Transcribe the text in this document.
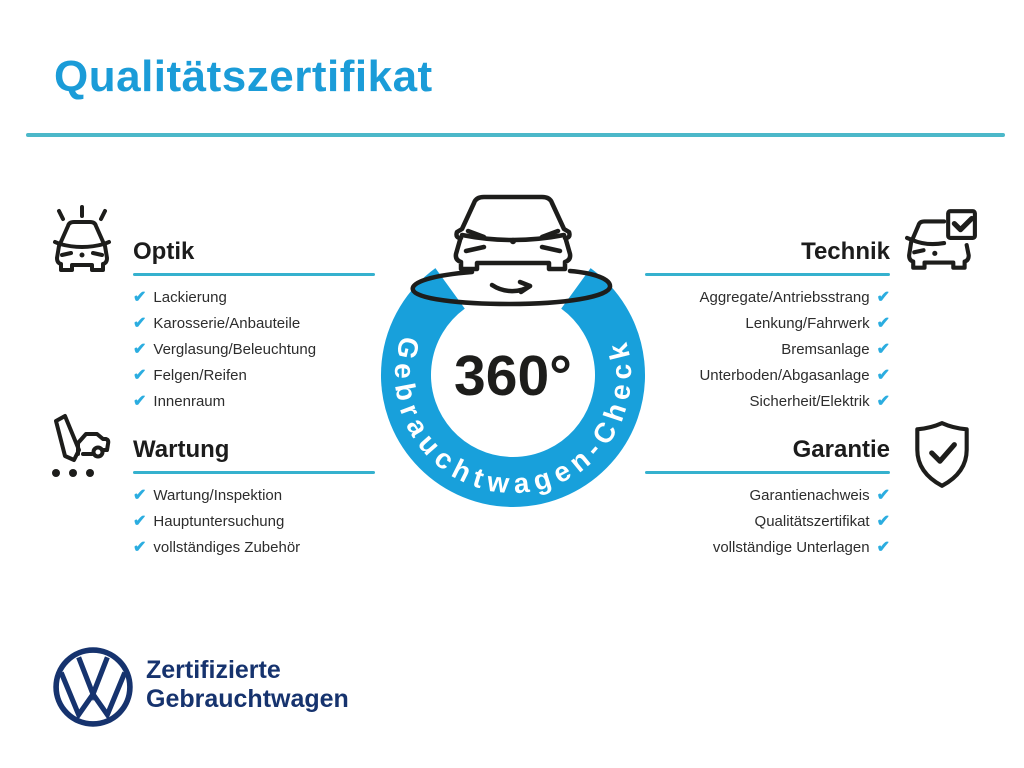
Qualitätszertifikat
Optik
✔ Lackierung
✔ Karosserie/Anbauteile
✔ Verglasung/Beleuchtung
✔ Felgen/Reifen
✔ Innenraum
Technik
Aggregate/Antriebsstrang ✔
Lenkung/Fahrwerk ✔
Bremsanlage ✔
Unterboden/Abgasanlage ✔
Sicherheit/Elektrik ✔
Wartung
✔ Wartung/Inspektion
✔ Hauptuntersuchung
✔ vollständiges Zubehör
Garantie
Garantienachweis ✔
Qualitätszertifikat ✔
vollständige Unterlagen ✔
Gebrauchtwagen-Check
360°
Zertifizierte
Gebrauchtwagen
